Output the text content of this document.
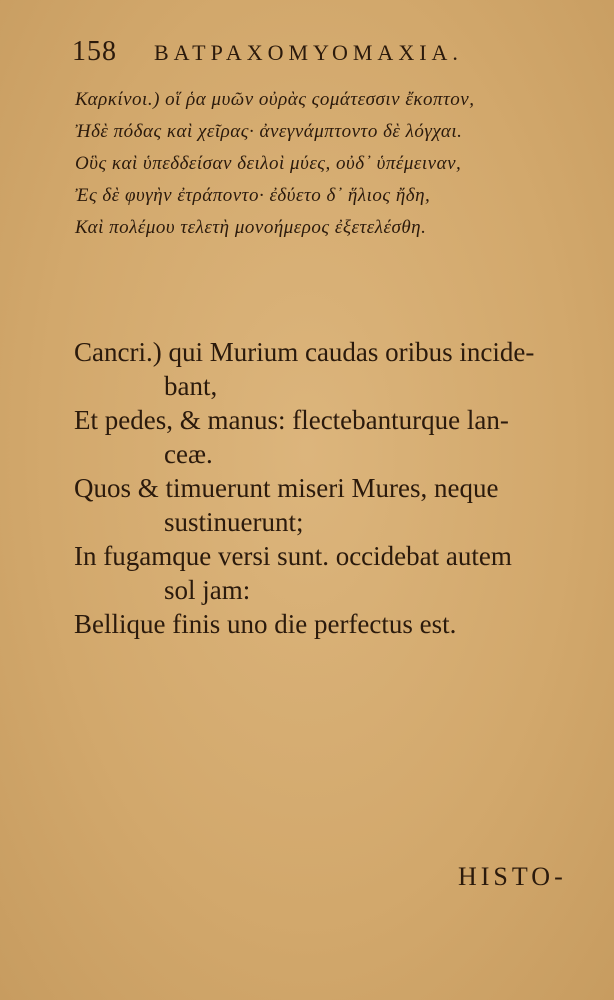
158 ΒΑΤΡΑΧΟΜΥΟΜΑΧΙΑ.
Καρκίνοι.) οἵ ῥα μυῶν οὐρὰς ςομάτεσσιν ἔκοπτον,
Ἠδὲ πόδας καὶ χεῖρας· ἀνεγνάμπτοντο δὲ λόγχαι.
Οὓς καὶ ὑπεδδείσαν δειλοὶ μύες, οὐδ᾽ ὑπέμειναν,
Ἐς δὲ φυγὴν ἐτράποντο· ἐδύετο δ᾽ ἥλιος ἤδη,
Καὶ πολέμου τελετὴ μονοήμερος ἐξετελέσθη.
Cancri.) qui Murium caudas oribus incide-
bant,
Et pedes, & manus: flectebanturque lan-
ceæ.
Quos & timuerunt miseri Mures, neque
sustinuerunt;
In fugamque versi sunt. occidebat autem
sol jam:
Bellique finis uno die perfectus est.
HISTO-
